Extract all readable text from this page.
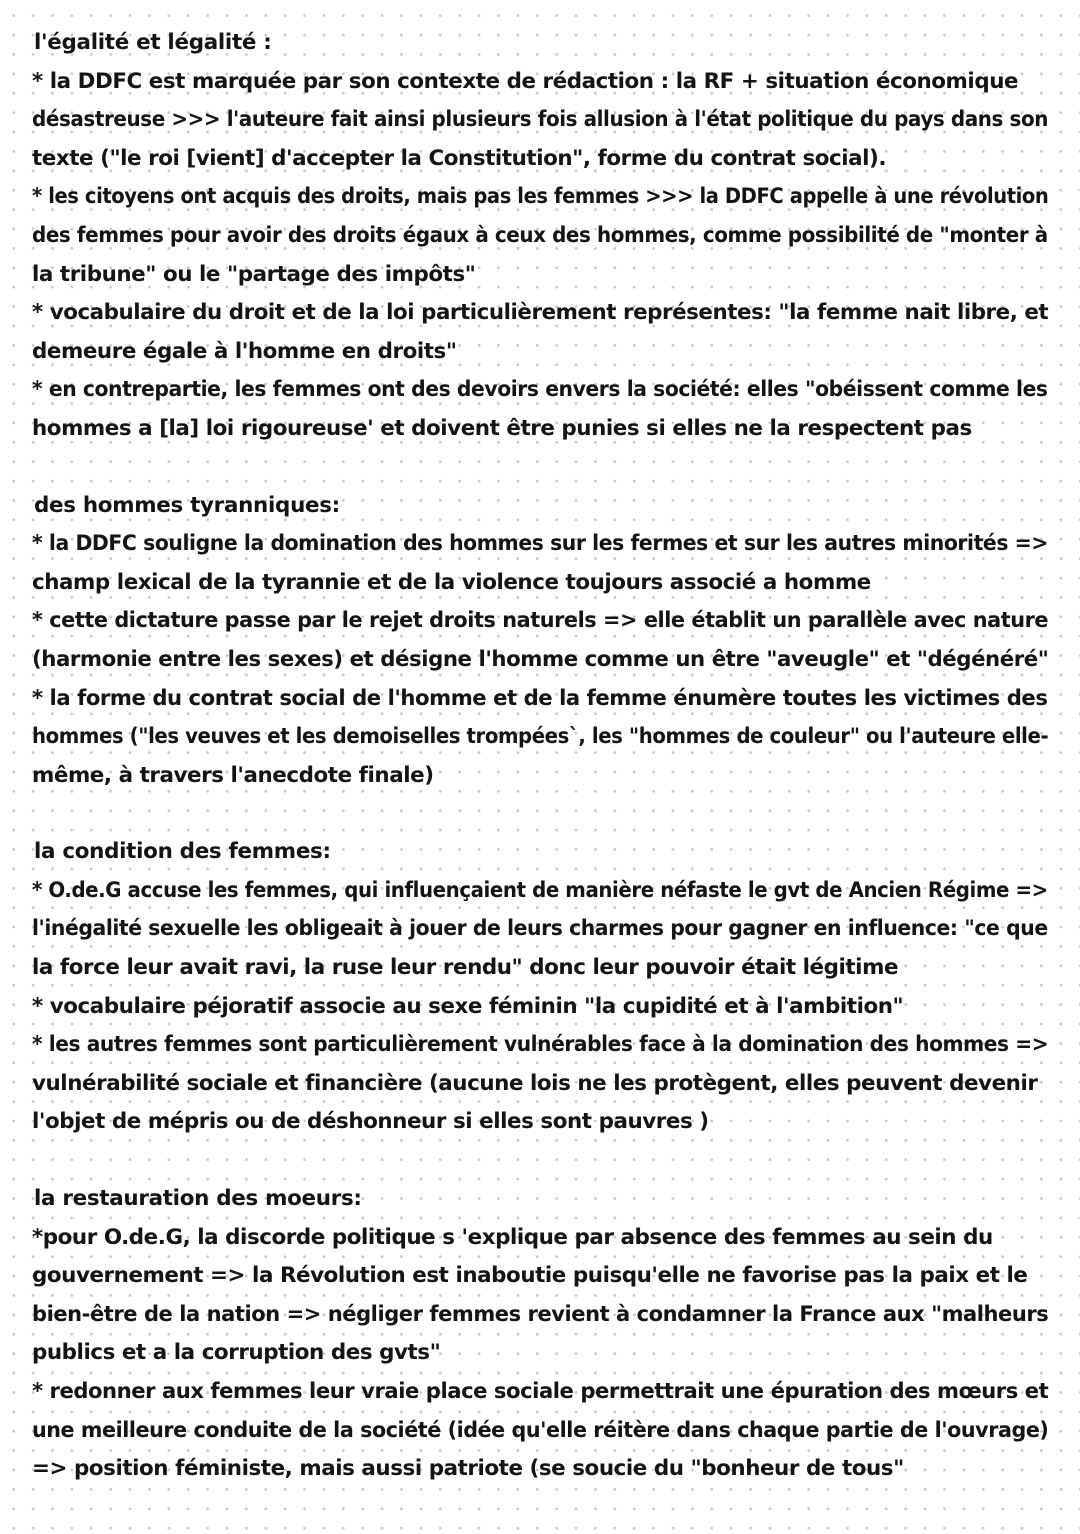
l'égalité et légalité :
* la DDFC est marquée par son contexte de rédaction : la RF + situation économique
désastreuse >>> l'auteure fait ainsi plusieurs fois allusion à l'état politique du pays dans son
texte ("le roi [vient] d'accepter la Constitution", forme du contrat social).
* les citoyens ont acquis des droits, mais pas les femmes >>> la DDFC appelle à une révolution
des femmes pour avoir des droits égaux à ceux des hommes, comme possibilité de "monter à
la tribune" ou le "partage des impôts"
* vocabulaire du droit et de la loi particulièrement représentes: "la femme nait libre, et
demeure égale à l'homme en droits"
* en contrepartie, les femmes ont des devoirs envers la société: elles "obéissent comme les
hommes a [la] loi rigoureuse' et doivent être punies si elles ne la respectent pas
des hommes tyranniques:
* la DDFC souligne la domination des hommes sur les fermes et sur les autres minorités =>
champ lexical de la tyrannie et de la violence toujours associé a homme
* cette dictature passe par le rejet droits naturels => elle établit un parallèle avec nature
(harmonie entre les sexes) et désigne l'homme comme un être "aveugle" et "dégénéré"
* la forme du contrat social de l'homme et de la femme énumère toutes les victimes des
hommes ("les veuves et les demoiselles trompées`, les "hommes de couleur" ou l'auteure elle-
même, à travers l'anecdote finale)
la condition des femmes:
* O.de.G accuse les femmes, qui influençaient de manière néfaste le gvt de Ancien Régime =>
l'inégalité sexuelle les obligeait à jouer de leurs charmes pour gagner en influence: "ce que
la force leur avait ravi, la ruse leur rendu" donc leur pouvoir était légitime
* vocabulaire péjoratif associe au sexe féminin "la cupidité et à l'ambition"
* les autres femmes sont particulièrement vulnérables face à la domination des hommes =>
vulnérabilité sociale et financière (aucune lois ne les protègent, elles peuvent devenir
l'objet de mépris ou de déshonneur si elles sont pauvres )
la restauration des moeurs:
*pour O.de.G, la discorde politique s 'explique par absence des femmes au sein du
gouvernement => la Révolution est inaboutie puisqu'elle ne favorise pas la paix et le
bien-être de la nation => négliger femmes revient à condamner la France aux "malheurs
publics et a la corruption des gvts"
* redonner aux femmes leur vraie place sociale permettrait une épuration des mœurs et
une meilleure conduite de la société (idée qu'elle réitère dans chaque partie de l'ouvrage)
=> position féministe, mais aussi patriote (se soucie du "bonheur de tous"
